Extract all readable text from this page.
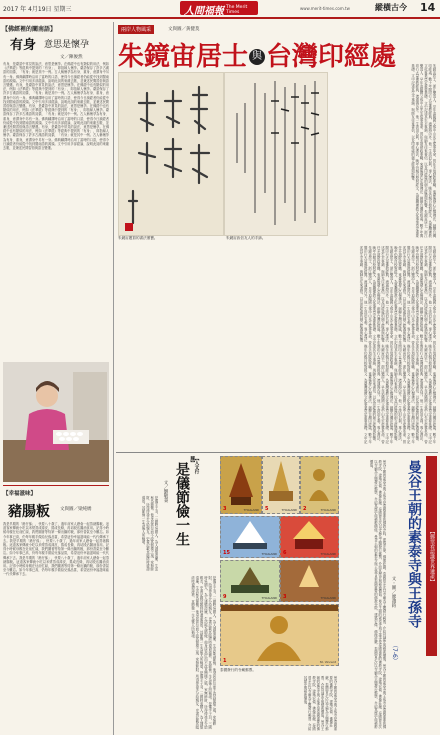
2017 年 4月19日 星期三	人間福報 The Merit Times
www.merit-times.com.tw	縱橫古今 14
【佛經裡的闡南語】
有身 意思是懷孕
文／陳俊然
有身，是臺語中常見的說法，意思是懷孕。在佛經中也有類似的用法，例如《法華經》等經典中提到的「有身」，即指婦人懷孕。臺語保存了許多古漢語的詞彙，「有身」就是其中一例。古人稱懷孕為有身、重身，意謂身中另有一身。佛典翻譯時沿用了當時的口語，使得今日讀經者仍能從中找到閩南語的源頭。文中引用多部經論，說明此詞的來龍去脈，並兼述民間習俗與語言變遷。有身，是臺語中常見的說法，意思是懷孕。在佛經中也有類似的用法，例如《法華經》等經典中提到的「有身」，即指婦人懷孕。臺語保存了許多古漢語的詞彙，「有身」就是其中一例。古人稱懷孕為有身、重身，意謂身中另有一身。佛典翻譯時沿用了當時的口語，使得今日讀經者仍能從中找到閩南語的源頭。文中引用多部經論，說明此詞的來龍去脈，並兼述民間習俗與語言變遷。有身，是臺語中常見的說法，意思是懷孕。在佛經中也有類似的用法，例如《法華經》等經典中提到的「有身」，即指婦人懷孕。臺語保存了許多古漢語的詞彙，「有身」就是其中一例。古人稱懷孕為有身、重身，意謂身中另有一身。佛典翻譯時沿用了當時的口語，使得今日讀經者仍能從中找到閩南語的源頭。文中引用多部經論，說明此詞的來龍去脈，並兼述民間習俗與語言變遷。有身，是臺語中常見的說法，意思是懷孕。在佛經中也有類似的用法，例如《法華經》等經典中提到的「有身」，即指婦人懷孕。臺語保存了許多古漢語的詞彙，「有身」就是其中一例。古人稱懷孕為有身、重身，意謂身中另有一身。佛典翻譯時沿用了當時的口語，使得今日讀經者仍能從中找到閩南語的源頭。文中引用多部經論，說明此詞的來龍去脈，並兼述民間習俗與語言變遷。
【幸福滋味】
豬腸粄 文與圖／梁純綉
我是早期的「港仔孫」，快要八十歲了，過年前家人總會一起蒸豬腸粄。這道客家傳統小吃以米漿蒸成薄皮，捲成長條，再切段沾醬油食用。記得小時候母親在灶前忙碌，我們圍著等待第一條出鍋的粄，那份香氣至今難忘。如今年事已高，仍每年親手做給兒孫品嘗，希望這份幸福滋味能一代代傳承下去。我是早期的「港仔孫」，快要八十歲了，過年前家人總會一起蒸豬腸粄。這道客家傳統小吃以米漿蒸成薄皮，捲成長條，再切段沾醬油食用。記得小時候母親在灶前忙碌，我們圍著等待第一條出鍋的粄，那份香氣至今難忘。如今年事已高，仍每年親手做給兒孫品嘗，希望這份幸福滋味能一代代傳承下去。我是早期的「港仔孫」，快要八十歲了，過年前家人總會一起蒸豬腸粄。這道客家傳統小吃以米漿蒸成薄皮，捲成長條，再切段沾醬油食用。記得小時候母親在灶前忙碌，我們圍著等待第一條出鍋的粄，那份香氣至今難忘。如今年事已高，仍每年親手做給兒孫品嘗，希望這份幸福滋味能一代代傳承下去。
兩岸人物風采	文與圖／黃健莫
朱鏡宙居士 與 台灣印經處
朱鏡宙題寫的書法墨寶。	朱鏡宙致信友人的手跡。
朱鏡宙居士，浙江樂清人，早年追隨國父孫中山先生從事革命，曾任多項財政要職。來臺後發心弘揚佛法，創辦台灣印經處，數十年間印行大量佛教經典，流通海內外。他一生淡泊名利，專心護法，晚年仍親自校對經文，為臺灣佛教文化事業奠定重要基礎。文中記述其生平事蹟、與師友往來書信，以及印經處的創立經過與影響。朱鏡宙居士，浙江樂清人，早年追隨國父孫中山先生從事革命，曾任多項財政要職。來臺後發心弘揚佛法，創辦台灣印經處，數十年間印行大量佛教經典，流通海內外。他一生淡泊名利，專心護法，晚年仍親自校對經文，為臺灣佛教文化事業奠定重要基礎。文中記述其生平事蹟、與師友往來書信，以及印經處的創立經過與影響。
朱鏡宙居士，浙江樂清人，早年追隨國父孫中山先生從事革命，曾任多項財政要職。來臺後發心弘揚佛法，創辦台灣印經處，數十年間印行大量佛教經典，流通海內外。他一生淡泊名利，專心護法，晚年仍親自校對經文，為臺灣佛教文化事業奠定重要基礎。文中記述其生平事蹟、與師友往來書信，以及印經處的創立經過與影響。朱鏡宙居士，浙江樂清人，早年追隨國父孫中山先生從事革命，曾任多項財政要職。來臺後發心弘揚佛法，創辦台灣印經處，數十年間印行大量佛教經典，流通海內外。他一生淡泊名利，專心護法，晚年仍親自校對經文，為臺灣佛教文化事業奠定重要基礎。文中記述其生平事蹟、與師友往來書信，以及印經處的創立經過與影響。朱鏡宙居士，浙江樂清人，早年追隨國父孫中山先生從事革命，曾任多項財政要職。來臺後發心弘揚佛法，創辦台灣印經處，數十年間印行大量佛教經典，流通海內外。他一生淡泊名利，專心護法，晚年仍親自校對經文，為臺灣佛教文化事業奠定重要基礎。文中記述其生平事蹟、與師友往來書信，以及印經處的創立經過與影響。朱鏡宙居士，浙江樂清人，早年追隨國父孫中山先生從事革命，曾任多項財政要職。來臺後發心弘揚佛法，創辦台灣印經處，數十年間印行大量佛教經典，流通海內外。他一生淡泊名利，專心護法，晚年仍親自校對經文，為臺灣佛教文化事業奠定重要基礎。文中記述其生平事蹟、與師友往來書信，以及印經處的創立經過與影響。朱鏡宙居士，浙江樂清人，早年追隨國父孫中山先生從事革命，曾任多項財政要職。來臺後發心弘揚佛法，創辦台灣印經處，數十年間印行大量佛教經典，流通海內外。他一生淡泊名利，專心護法，晚年仍親自校對經文，為臺灣佛教文化事業奠定重要基礎。文中記述其生平事蹟、與師友往來書信，以及印經處的創立經過與影響。朱鏡宙居士，浙江樂清人，早年追隨國父孫中山先生從事革命，曾任多項財政要職。來臺後發心弘揚佛法，創辦台灣印經處，數十年間印行大量佛教經典，流通海內外。他一生淡泊名利，專心護法，晚年仍親自校對經文，為臺灣佛教文化事業奠定重要基礎。文中記述其生平事蹟、與師友往來書信，以及印經處的創立經過與影響。朱鏡宙居士，浙江樂清人，早年追隨國父孫中山先生從事革命，曾任多項財政要職。來臺後發心弘揚佛法，創辦台灣印經處，數十年間印行大量佛教經典，流通海內外。他一生淡泊名利，專心護法，晚年仍親自校對經文，為臺灣佛教文化事業奠定重要基礎。文中記述其生平事蹟、與師友往來書信，以及印經處的創立經過與影響。
【人文行腳】
是儀節儉一生
文／劉敬秉
是儀字子羽，三國時吳國人，為人謹慎清廉，生活極為節儉。他身居高位而不改其簡樸之風，家無餘財，所得俸祿多分給親友。史書記載其臨終時遺命薄葬，其節儉一生為後人所稱頌。是儀字子羽，三國時吳國人，為人謹慎清廉，生活極為節儉。他身居高位而不改其簡樸之風，家無餘財，所得俸祿多分給親友。史書記載其臨終時遺命薄葬，其節儉一生為後人所稱頌。是儀字子羽，三國時吳國人，為人謹慎清廉，生活極為節儉。他身居高位而不改其簡樸之風，家無餘財，所得俸祿多分給親友。史書記載其臨終時遺命薄葬，其節儉一生為後人所稱頌。
是儀字子羽，三國時吳國人，為人謹慎清廉，生活極為節儉。他身居高位而不改其簡樸之風，家無餘財，所得俸祿多分給親友。史書記載其臨終時遺命薄葬，其節儉一生為後人所稱頌。	3	THAILAND 5	THAILAND 2	THAILAND
15	THAILAND 6	THAILAND
9	THAILAND 3	THAILAND
1	St. Vincent
泰國發行的寺廟郵票。
曼谷王朝的素泰寺與王孫寺是泰國重要的佛教寺院，建築宏偉，佛像莊嚴。泰國曾多次以寺廟為主題發行郵票，介紹其歷史與藝術價值。曼谷王朝的素泰寺與王孫寺是泰國重要的佛教寺院，建築宏偉，佛像莊嚴。泰國曾多次以寺廟為主題發行郵票，介紹其歷史與藝術價值。
【郵票看認識世界遺產】
曼谷王朝的素泰寺與王孫寺
（7-6）
文・圖／廖鴻鈞
曼谷王朝的素泰寺與王孫寺是泰國重要的佛教寺院，建築宏偉，佛像莊嚴。泰國曾多次以寺廟為主題發行郵票，介紹其歷史與藝術價值。曼谷王朝的素泰寺與王孫寺是泰國重要的佛教寺院，建築宏偉，佛像莊嚴。泰國曾多次以寺廟為主題發行郵票，介紹其歷史與藝術價值。曼谷王朝的素泰寺與王孫寺是泰國重要的佛教寺院，建築宏偉，佛像莊嚴。泰國曾多次以寺廟為主題發行郵票，介紹其歷史與藝術價值。曼谷王朝的素泰寺與王孫寺是泰國重要的佛教寺院，建築宏偉，佛像莊嚴。泰國曾多次以寺廟為主題發行郵票，介紹其歷史與藝術價值。
